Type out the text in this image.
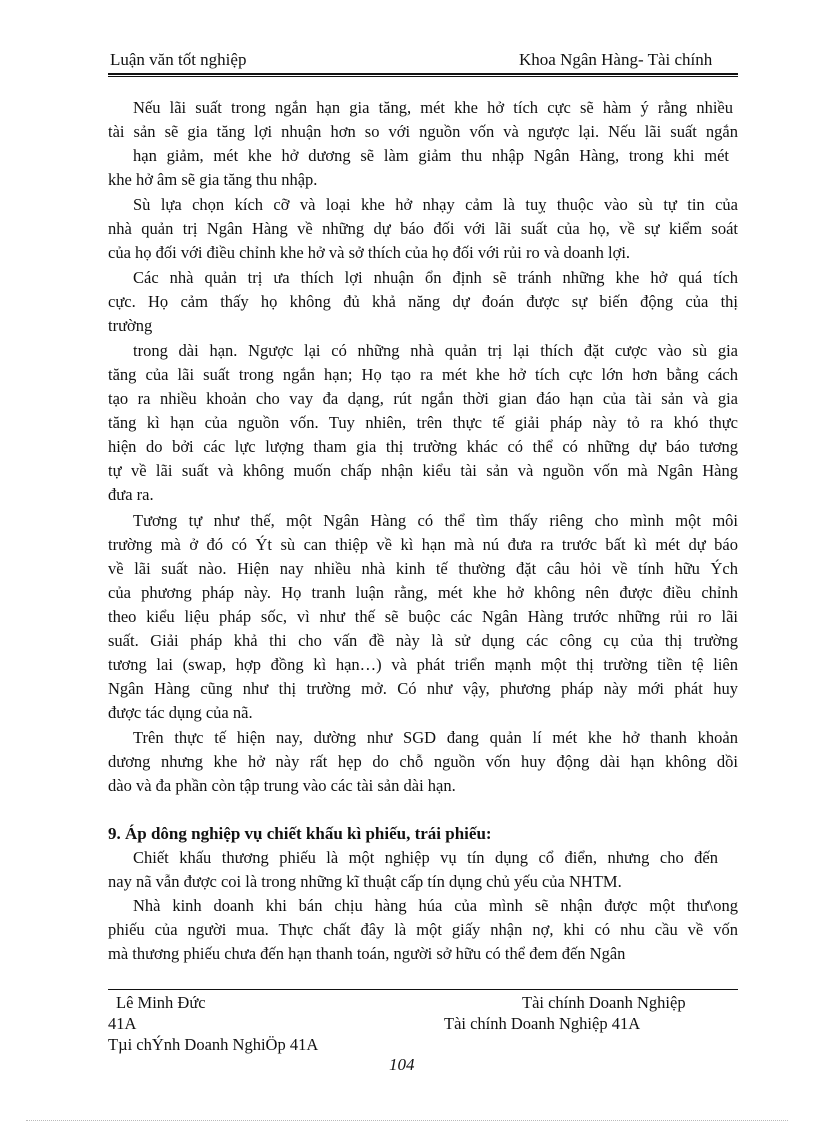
Luận văn tốt nghiệp	Khoa Ngân Hàng- Tài chính

Nếu lãi suất trong ngắn hạn gia tăng, mét khe hở tích cực sẽ hàm ý rằng nhiều

tài sản sẽ gia tăng lợi nhuận hơn so với nguồn vốn và ngược lại. Nếu lãi suất ngắn

hạn giảm, mét khe hở dương sẽ làm giảm thu nhập Ngân Hàng, trong khi mét

khe hở âm sẽ gia tăng thu nhập.

Sù lựa chọn kích cỡ và loại khe hở nhạy cảm là tuỵ thuộc vào sù tự tin của

nhà quản trị Ngân Hàng về những dự báo đối với lãi suất của họ, về sự kiểm soát

của họ đối với điều chỉnh khe hở và sở thích của họ đối với rủi ro và doanh lợi.

Các nhà quản trị ưa thích lợi nhuận ổn định sẽ tránh những khe hở quá tích

cực. Họ cảm thấy họ không đủ khả năng dự đoán được sự biến động của thị

trường

trong dài hạn. Ngược lại có những nhà quản trị lại thích đặt cược vào sù gia

tăng của lãi suất trong ngắn hạn; Họ tạo ra mét khe hở tích cực lớn hơn bằng cách

tạo ra nhiều khoản cho vay đa dạng, rút ngắn thời gian đáo hạn của tài sản và gia

tăng kì hạn của nguồn vốn. Tuy nhiên, trên thực tế giải pháp này tỏ ra khó thực

hiện do bởi các lực lượng tham gia thị trường khác có thể có những dự báo tương

tự về lãi suất và không muốn chấp nhận kiểu tài sản và nguồn vốn mà Ngân Hàng

đưa ra.

Tương tự như thế, một Ngân Hàng có thể tìm thấy riêng cho mình một môi

trường mà ở đó có Ýt sù can thiệp về kì hạn mà nú đưa ra trước bất kì mét dự báo

về lãi suất nào. Hiện nay nhiều nhà kinh tế thường đặt câu hỏi về tính hữu Ých

của phương pháp này. Họ tranh luận rằng, mét khe hở không nên được điều chỉnh

theo kiểu liệu pháp sốc, vì như thế sẽ buộc các Ngân Hàng trước những rủi ro lãi

suất. Giải pháp khả thi cho vấn đề này là sử dụng các công cụ của thị trường

tương lai (swap, hợp đồng kì hạn…) và phát triển mạnh một thị trường tiền tệ liên

Ngân Hàng cũng như thị trường mở. Có như vậy, phương pháp này mới phát huy

được tác dụng của nã.

Trên thực tế hiện nay, dường như SGD đang quản lí mét khe hở thanh khoản

dương nhưng khe hở này rất hẹp do chỗ nguồn vốn huy động dài hạn không dồi

dào và đa phần còn tập trung vào các tài sản dài hạn.

9. Áp dông nghiệp vụ chiết khấu kì phiếu, trái phiếu:

Chiết khấu thương phiếu là một nghiệp vụ tín dụng cổ điển, nhưng cho đến

nay nã vẫn được coi là trong những kĩ thuật cấp tín dụng chủ yếu của NHTM.

Nhà kinh doanh khi bán chịu hàng húa của mình sẽ nhận được một thư\ong

phiếu của người mua. Thực chất đây là một giấy nhận nợ, khi có nhu cầu về vốn

mà thương phiếu chưa đến hạn thanh toán, người sở hữu có thể đem đến Ngân

Lê Minh Đức	Tài chính Doanh Nghiệp
41A	Tài chính Doanh Nghiệp 41A
Tµi chÝnh Doanh NghiÖp 41A
104
